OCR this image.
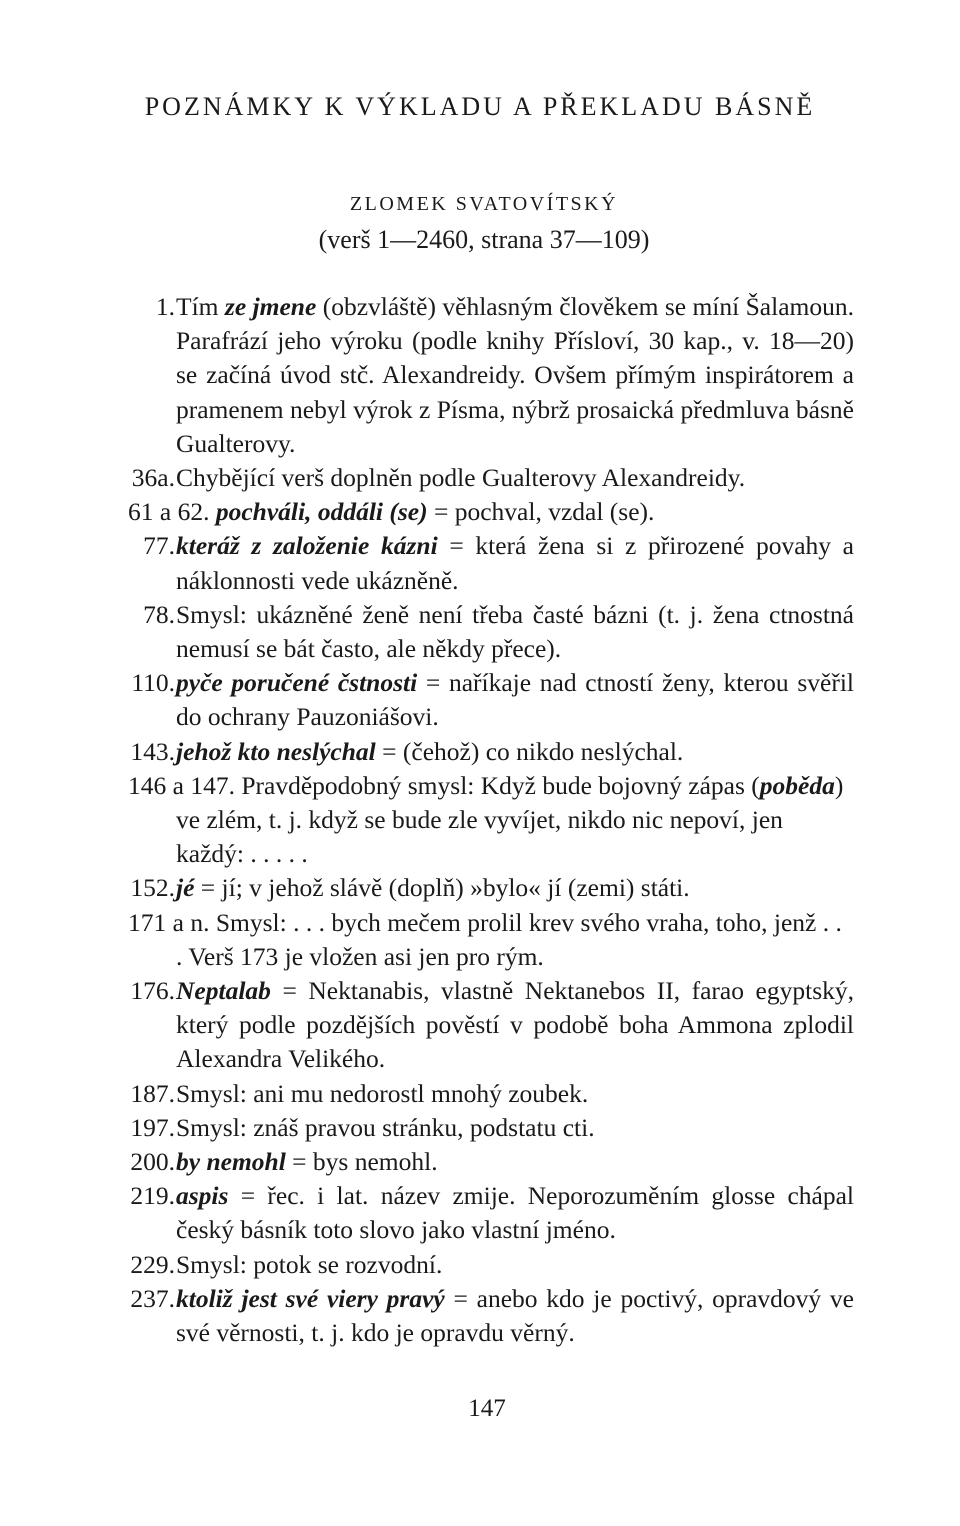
POZNÁMKY K VÝKLADU A PŘEKLADU BÁSNĚ
ZLOMEK SVATOVÍTSKÝ
(verš 1—2460, strana 37—109)
1. Tím ze jmene (obzvláště) věhlasným člověkem se míní Šalamoun. Parafrází jeho výroku (podle knihy Přísloví, 30 kap., v. 18—20) se začíná úvod stč. Alexandreidy. Ovšem přímým inspirátorem a pramenem nebyl výrok z Písma, nýbrž prosaická předmluva básně Gualterovy.
36a. Chybějící verš doplněn podle Gualterovy Alexandreidy.
61 a 62. pochváli, oddáli (se) = pochval, vzdal (se).
77. kteráž z založenie kázni = která žena si z přirozené povahy a náklonnosti vede ukázněně.
78. Smysl: ukázněné ženě není třeba časté bázni (t. j. žena ctnostná nemusí se bát často, ale někdy přece).
110. pyče poručené čstnosti = naříkaje nad ctností ženy, kterou svěřil do ochrany Pauzoniášovi.
143. jehož kto neslýchal = (čehož) co nikdo neslýchal.
146 a 147. Pravděpodobný smysl: Když bude bojovný zápas (poběda) ve zlém, t. j. když se bude zle vyvíjet, nikdo nic nepoví, jen každý: . . . . .
152. jé = jí; v jehož slávě (doplň) »bylo« jí (zemi) státi.
171 a n. Smysl: . . . bych mečem prolil krev svého vraha, toho, jenž . . . Verš 173 je vložen asi jen pro rým.
176. Neptalab = Nektanabis, vlastně Nektanebos II, farao egyptský, který podle pozdějších pověstí v podobě boha Ammona zplodil Alexandra Velikého.
187. Smysl: ani mu nedorostl mnohý zoubek.
197. Smysl: znáš pravou stránku, podstatu cti.
200. by nemohl = bys nemohl.
219. aspis = řec. i lat. název zmije. Neporozuměním glosse chápal český básník toto slovo jako vlastní jméno.
229. Smysl: potok se rozvodní.
237. ktoliž jest své viery pravý = anebo kdo je poctivý, opravdový ve své věrnosti, t. j. kdo je opravdu věrný.
147
